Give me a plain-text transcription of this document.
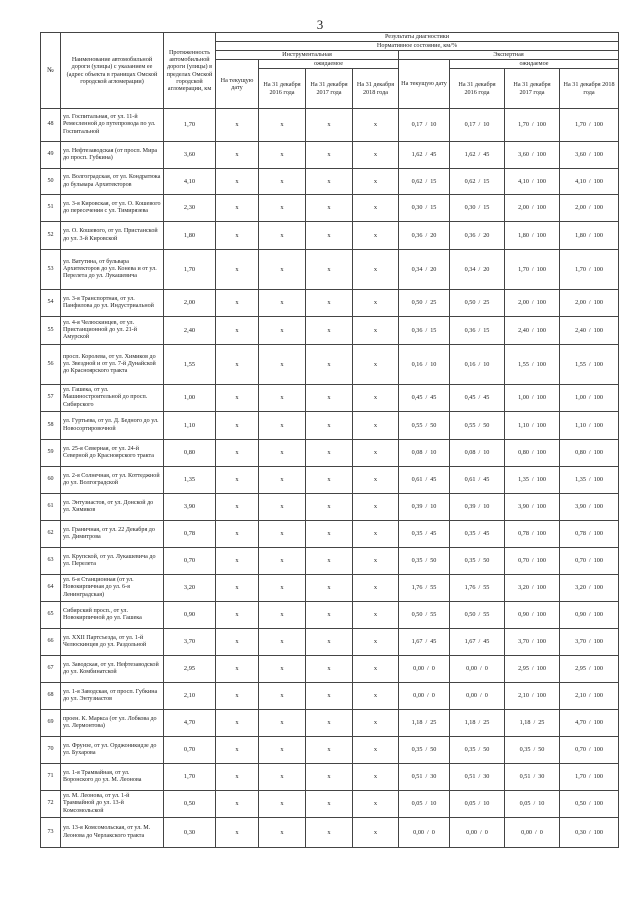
3
№	Наименование автомобильной дороги (улицы) с указанием ее (адрес объекта в границах Омской городской агломерации)	Протяженность автомобильной дороги (улицы) в пределах Омской городской агломерации, км	Результаты диагностики							
			Нормативное состояние, км/%							
			Инструментальная				Экспертная			
			На текущую дату	ожидаемое			На текущую дату	ожидаемое		
				На 31 декабря 2016 года	На 31 декабря 2017 года	На 31 декабря 2018 года		На 31 декабря 2016 года	На 31 декабря 2017 года	На 31 декабря 2018 года
48	ул. Госпитальная, от ул. 11-й Ремесленной до путепровода по ул. Госпитальной	1,70	x	x	x	x	0,17 / 10	0,17 / 10	1,70 / 100	1,70 / 100
49	ул. Нефтезаводская (от просп. Мира до просп. Губкина)	3,60	x	x	x	x	1,62 / 45	1,62 / 45	3,60 / 100	3,60 / 100
50	ул. Волгоградская, от ул. Кондратюка до бульвара Архитекторов	4,10	x	x	x	x	0,62 / 15	0,62 / 15	4,10 / 100	4,10 / 100
51	ул. 3-я Кировская, от ул. О. Кошевого до пересечения с ул. Тимирязева	2,30	x	x	x	x	0,30 / 15	0,30 / 15	2,00 / 100	2,00 / 100
52	ул. О. Кошевого, от ул. Пристанской до ул. 3-й Кировской	1,80	x	x	x	x	0,36 / 20	0,36 / 20	1,80 / 100	1,80 / 100
53	ул. Ватутина, от бульвара Архитекторов до ул. Конева и от ул. Перелета до ул. Лукашевича	1,70	x	x	x	x	0,34 / 20	0,34 / 20	1,70 / 100	1,70 / 100
54	ул. 3-я Транспортная, от ул. Панфилова до ул. Индустриальной	2,00	x	x	x	x	0,50 / 25	0,50 / 25	2,00 / 100	2,00 / 100
55	ул. 4-я Челюскинцев, от ул. Пристанционной до ул. 21-й Амурской	2,40	x	x	x	x	0,36 / 15	0,36 / 15	2,40 / 100	2,40 / 100
56	просп. Королева, от ул. Химиков до ул. Звездной и от ул. 7-й Дунайской до Красноярского тракта	1,55	x	x	x	x	0,16 / 10	0,16 / 10	1,55 / 100	1,55 / 100
57	ул. Гашека, от ул. Машиностроительной до просп. Сибирского	1,00	x	x	x	x	0,45 / 45	0,45 / 45	1,00 / 100	1,00 / 100
58	ул. Гуртьева, от ул. Д. Бедного до ул. Новосортировочной	1,10	x	x	x	x	0,55 / 50	0,55 / 50	1,10 / 100	1,10 / 100
59	ул. 25-я Северная, от ул. 24-й Северной до Красноярского тракта	0,80	x	x	x	x	0,08 / 10	0,08 / 10	0,80 / 100	0,80 / 100
60	ул. 2-я Солнечная, от ул. Коттеджной до ул. Волгоградской	1,35	x	x	x	x	0,61 / 45	0,61 / 45	1,35 / 100	1,35 / 100
61	ул. Энтузиастов, от ул. Донской до ул. Химиков	3,90	x	x	x	x	0,39 / 10	0,39 / 10	3,90 / 100	3,90 / 100
62	ул. Граничная, от ул. 22 Декабря до ул. Димитрова	0,78	x	x	x	x	0,35 / 45	0,35 / 45	0,78 / 100	0,78 / 100
63	ул. Крупской, от ул. Лукашевича до ул. Перелета	0,70	x	x	x	x	0,35 / 50	0,35 / 50	0,70 / 100	0,70 / 100
64	ул. 6-я Станционная (от ул. Новокирпичная до ул. 6-я Ленинградская)	3,20	x	x	x	x	1,76 / 55	1,76 / 55	3,20 / 100	3,20 / 100
65	Сибирский просп., от ул. Новокирпичной до ул. Гашека	0,90	x	x	x	x	0,50 / 55	0,50 / 55	0,90 / 100	0,90 / 100
66	ул. XXII Партсъезда, от ул. 1-й Челюскинцев до ул. Раздольной	3,70	x	x	x	x	1,67 / 45	1,67 / 45	3,70 / 100	3,70 / 100
67	ул. Заводская, от ул. Нефтезаводской до ул. Комбинатской	2,95	x	x	x	x	0,00 / 0	0,00 / 0	2,95 / 100	2,95 / 100
68	ул. 1-я Заводская, от просп. Губкина до ул. Энтузиастов	2,10	x	x	x	x	0,00 / 0	0,00 / 0	2,10 / 100	2,10 / 100
69	проен. К. Маркса (от ул. Лобкова до ул. Лермонтова)	4,70	x	x	x	x	1,18 / 25	1,18 / 25	1,18 / 25	4,70 / 100
70	ул. Фрунзе, от ул. Орджоникидзе до ул. Бухарова	0,70	x	x	x	x	0,35 / 50	0,35 / 50	0,35 / 50	0,70 / 100
71	ул. 1-я Трамвайная, от ул. Воронского до ул. М. Леонова	1,70	x	x	x	x	0,51 / 30	0,51 / 30	0,51 / 30	1,70 / 100
72	ул. М. Леонова, от ул. 1-й Трамвайной до ул. 13-й Комсомольской	0,50	x	x	x	x	0,05 / 10	0,05 / 10	0,05 / 10	0,50 / 100
73	ул. 13-я Комсомольская, от ул. М. Леонова до Черлакского тракта	0,30	x	x	x	x	0,00 / 0	0,00 / 0	0,00 / 0	0,30 / 100
